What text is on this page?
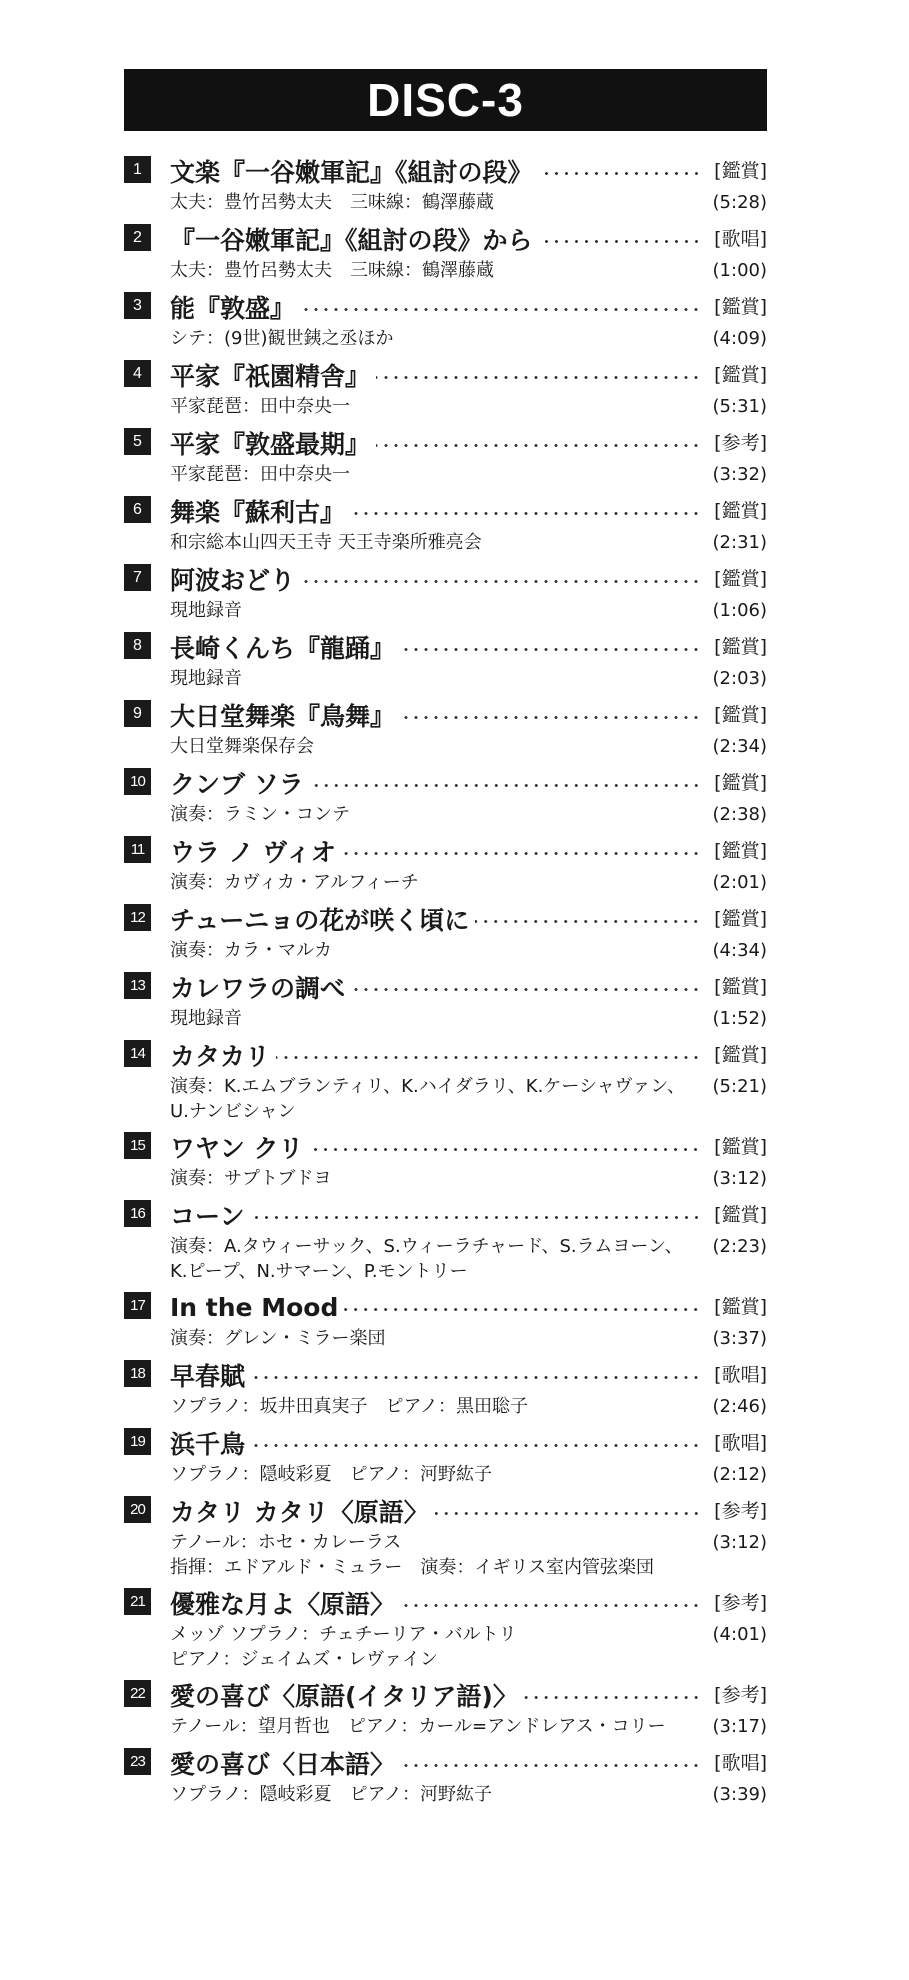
DISC-3
1	文楽『一谷嫩軍記』《組討の段》	[鑑賞]
太夫：豊竹呂勢太夫　三味線：鶴澤藤蔵	(5:28)
2	『一谷嫩軍記』《組討の段》から	[歌唱]
太夫：豊竹呂勢太夫　三味線：鶴澤藤蔵	(1:00)
3	能『敦盛』	[鑑賞]
シテ：(9世)観世銕之丞ほか	(4:09)
4	平家『祇園精舎』	[鑑賞]
平家琵琶：田中奈央一	(5:31)
5	平家『敦盛最期』	[参考]
平家琵琶：田中奈央一	(3:32)
6	舞楽『蘇利古』	[鑑賞]
和宗総本山四天王寺 天王寺楽所雅亮会	(2:31)
7	阿波おどり	[鑑賞]
現地録音	(1:06)
8	長崎くんち『龍踊』	[鑑賞]
現地録音	(2:03)
9	大日堂舞楽『鳥舞』	[鑑賞]
大日堂舞楽保存会	(2:34)
10 クンブ ソラ	[鑑賞]
演奏：ラミン・コンテ	(2:38)
11 ウラ ノ ヴィオ	[鑑賞]
演奏：カヴィカ・アルフィーチ	(2:01)
12 チューニョの花が咲く頃に	[鑑賞]
演奏：カラ・マルカ	(4:34)
13 カレワラの調べ	[鑑賞]
現地録音	(1:52)
14 カタカリ	[鑑賞]
演奏：K.エムブランティリ、K.ハイダラリ、K.ケーシャヴァン、
U.ナンビシャン
(5:21)
15 ワヤン クリ	[鑑賞]
演奏：サプトブドヨ	(3:12)
16 コーン	[鑑賞]
演奏：A.タウィーサック、S.ウィーラチャード、S.ラムヨーン、
K.ピープ、N.サマーン、P.モントリー
(2:23)
17 In the Mood	[鑑賞]
演奏：グレン・ミラー楽団	(3:37)
18 早春賦	[歌唱]
ソプラノ：坂井田真実子　ピアノ：黒田聡子	(2:46)
19 浜千鳥	[歌唱]
ソプラノ：隠岐彩夏　ピアノ：河野紘子	(2:12)
20 カタリ カタリ〈原語〉	[参考]
テノール：ホセ・カレーラス
指揮：エドアルド・ミュラー　演奏：イギリス室内管弦楽団
(3:12)
21 優雅な月よ〈原語〉	[参考]
メッゾ ソプラノ：チェチーリア・バルトリ
ピアノ：ジェイムズ・レヴァイン
(4:01)
22 愛の喜び〈原語(イタリア語)〉	[参考]
テノール：望月哲也　ピアノ：カール=アンドレアス・コリー	(3:17)
23 愛の喜び〈日本語〉	[歌唱]
ソプラノ：隠岐彩夏　ピアノ：河野紘子	(3:39)
